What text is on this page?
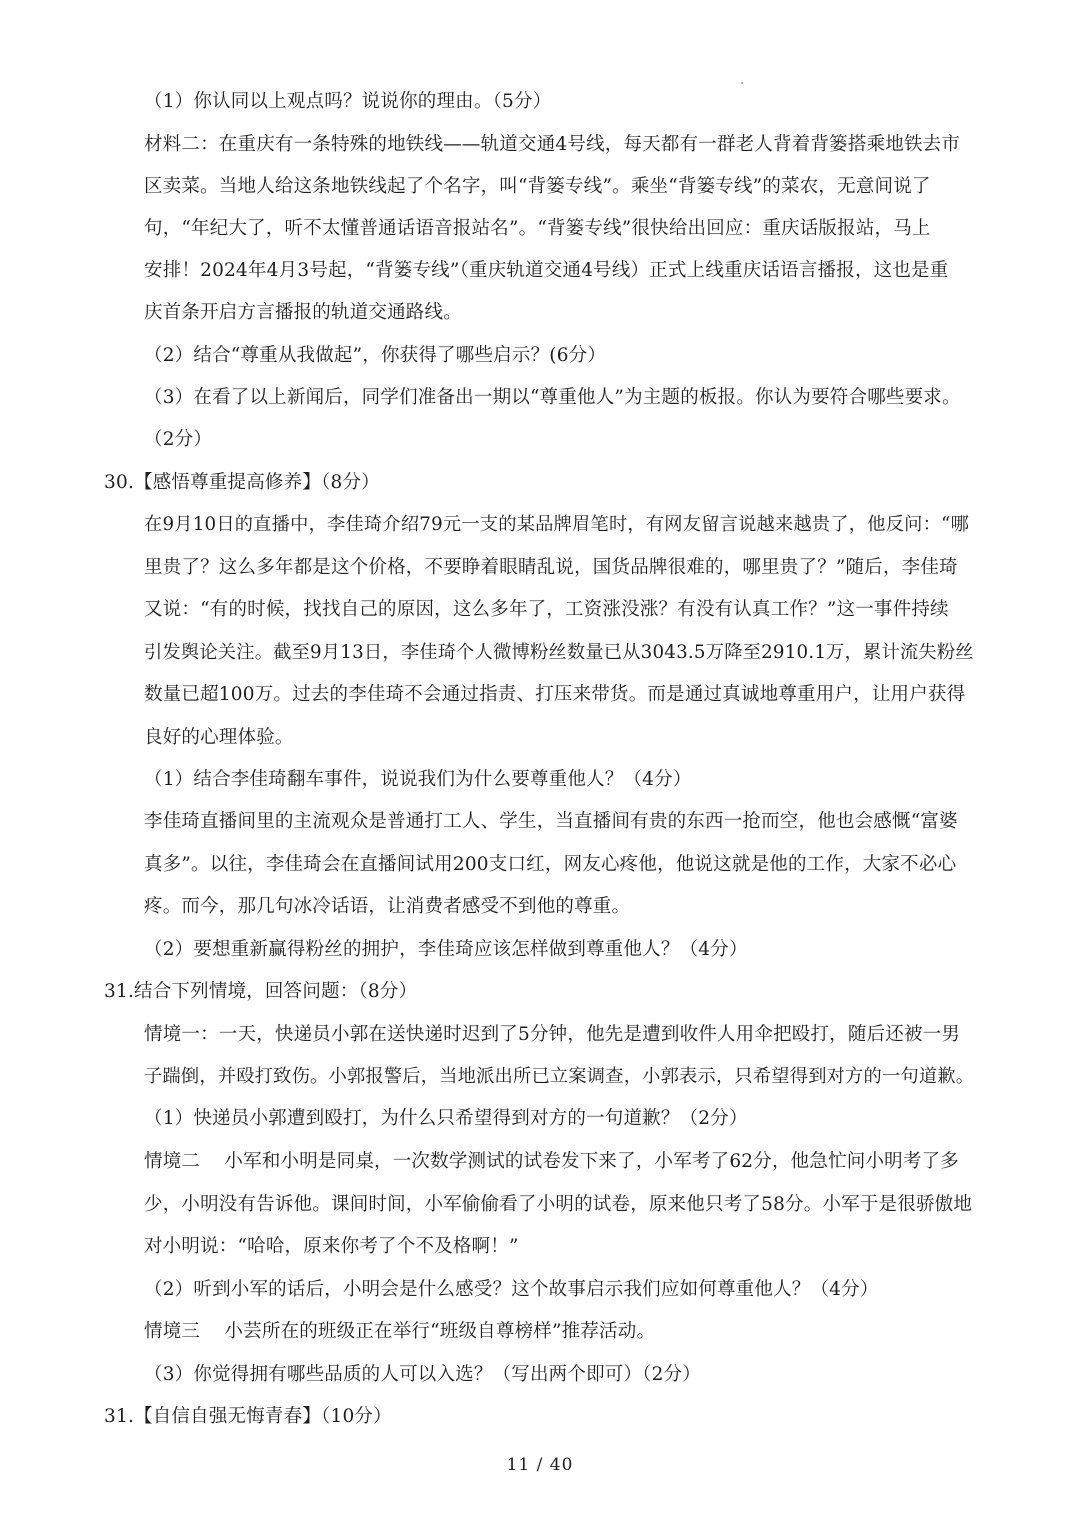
（1）你认同以上观点吗？说说你的理由。（5分）
材料二：在重庆有一条特殊的地铁线——轨道交通4号线，每天都有一群老人背着背篓搭乘地铁去市
区卖菜。当地人给这条地铁线起了个名字，叫“背篓专线”。乘坐“背篓专线”的菜农，无意间说了
句，“年纪大了，听不太懂普通话语音报站名”。“背篓专线”很快给出回应：重庆话版报站，马上
安排！2024年4月3号起，“背篓专线”（重庆轨道交通4号线）正式上线重庆话语言播报，这也是重
庆首条开启方言播报的轨道交通路线。
（2）结合“尊重从我做起”，你获得了哪些启示？(6分）
（3）在看了以上新闻后，同学们准备出一期以“尊重他人”为主题的板报。你认为要符合哪些要求。
（2分）
30.【感悟尊重提高修养】（8分）
在9月10日的直播中，李佳琦介绍79元一支的某品牌眉笔时，有网友留言说越来越贵了，他反问：“哪
里贵了？这么多年都是这个价格，不要睁着眼睛乱说，国货品牌很难的，哪里贵了？”随后，李佳琦
又说：“有的时候，找找自己的原因，这么多年了，工资涨没涨？有没有认真工作？”这一事件持续
引发舆论关注。截至9月13日，李佳琦个人微博粉丝数量已从3043.5万降至2910.1万，累计流失粉丝
数量已超100万。过去的李佳琦不会通过指责、打压来带货。而是通过真诚地尊重用户，让用户获得
良好的心理体验。
（1）结合李佳琦翻车事件，说说我们为什么要尊重他人？（4分）
李佳琦直播间里的主流观众是普通打工人、学生，当直播间有贵的东西一抢而空，他也会感慨“富婆
真多”。以往，李佳琦会在直播间试用200支口红，网友心疼他，他说这就是他的工作，大家不必心
疼。而今，那几句冰冷话语，让消费者感受不到他的尊重。
（2）要想重新赢得粉丝的拥护，李佳琦应该怎样做到尊重他人？（4分）
31.结合下列情境，回答问题：（8分）
情境一：一天，快递员小郭在送快递时迟到了5分钟，他先是遭到收件人用伞把殴打，随后还被一男
子踹倒，并殴打致伤。小郭报警后，当地派出所已立案调查，小郭表示，只希望得到对方的一句道歉。
（1）快递员小郭遭到殴打，为什么只希望得到对方的一句道歉？（2分）
情境二    小军和小明是同桌，一次数学测试的试卷发下来了，小军考了62分，他急忙问小明考了多
少，小明没有告诉他。课间时间，小军偷偷看了小明的试卷，原来他只考了58分。小军于是很骄傲地
对小明说：“哈哈，原来你考了个不及格啊！”
（2）听到小军的话后，小明会是什么感受？这个故事启示我们应如何尊重他人？（4分）
情境三    小芸所在的班级正在举行“班级自尊榜样”推荐活动。
（3）你觉得拥有哪些品质的人可以入选？（写出两个即可）（2分）
31.【自信自强无悔青春】（10分）
11 / 40
